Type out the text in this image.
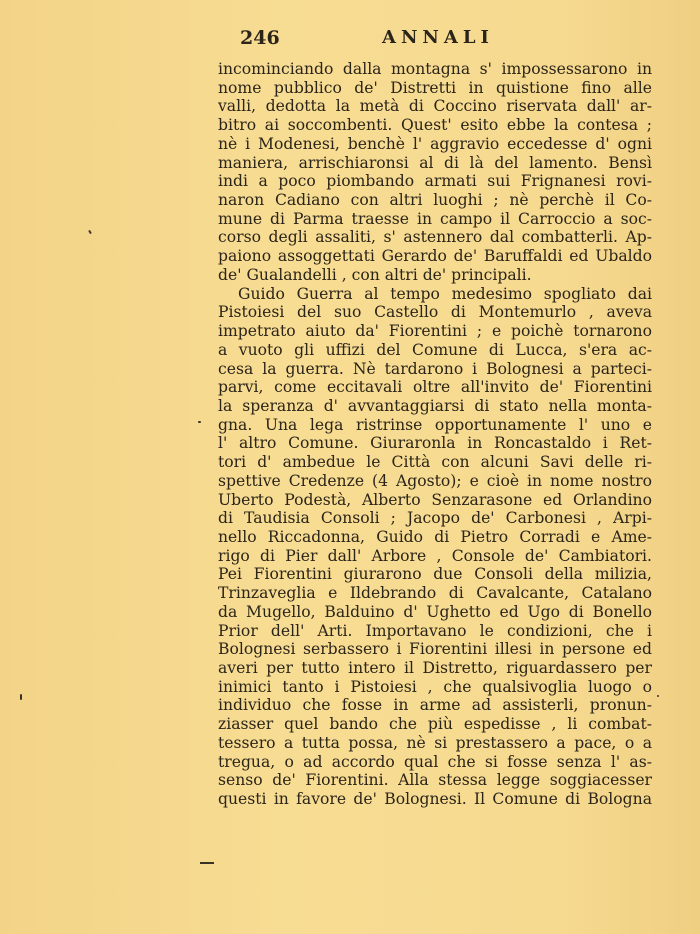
246	ANNALI
incominciando dalla montagna s' impossessarono in
nome pubblico de' Distretti in quistione fino alle
valli, dedotta la metà di Coccino riservata dall' ar-
bitro ai soccombenti. Quest' esito ebbe la contesa ;
nè i Modenesi, benchè l' aggravio eccedesse d' ogni
maniera, arrischiaronsi al di là del lamento. Bensì
indi a poco piombando armati sui Frignanesi rovi-
naron Cadiano con altri luoghi ; nè perchè il Co-
mune di Parma traesse in campo il Carroccio a soc-
corso degli assaliti, s' astennero dal combatterli. Ap-
paiono assoggettati Gerardo de' Baruffaldi ed Ubaldo
de' Gualandelli , con altri de' principali.
Guido Guerra al tempo medesimo spogliato dai
Pistoiesi del suo Castello di Montemurlo , aveva
impetrato aiuto da' Fiorentini ; e poichè tornarono
a vuoto gli uffizi del Comune di Lucca, s'era ac-
cesa la guerra. Nè tardarono i Bolognesi a parteci-
parvi, come eccitavali oltre all'invito de' Fiorentini
la speranza d' avvantaggiarsi di stato nella monta-
gna. Una lega ristrinse opportunamente l' uno e
l' altro Comune. Giuraronla in Roncastaldo i Ret-
tori d' ambedue le Città con alcuni Savi delle ri-
spettive Credenze (4 Agosto); e cioè in nome nostro
Uberto Podestà, Alberto Senzarasone ed Orlandino
di Taudisia Consoli ; Jacopo de' Carbonesi , Arpi-
nello Riccadonna, Guido di Pietro Corradi e Ame-
rigo di Pier dall' Arbore , Console de' Cambiatori.
Pei Fiorentini giurarono due Consoli della milizia,
Trinzaveglia e Ildebrando di Cavalcante, Catalano
da Mugello, Balduino d' Ughetto ed Ugo di Bonello
Prior dell' Arti. Importavano le condizioni, che i
Bolognesi serbassero i Fiorentini illesi in persone ed
averi per tutto intero il Distretto, riguardassero per
inimici tanto i Pistoiesi , che qualsivoglia luogo o
individuo che fosse in arme ad assisterli, pronun-
ziasser quel bando che più espedisse , li combat-
tessero a tutta possa, nè si prestassero a pace, o a
tregua, o ad accordo qual che si fosse senza l' as-
senso de' Fiorentini. Alla stessa legge soggiacesser
questi in favore de' Bolognesi. Il Comune di Bologna
